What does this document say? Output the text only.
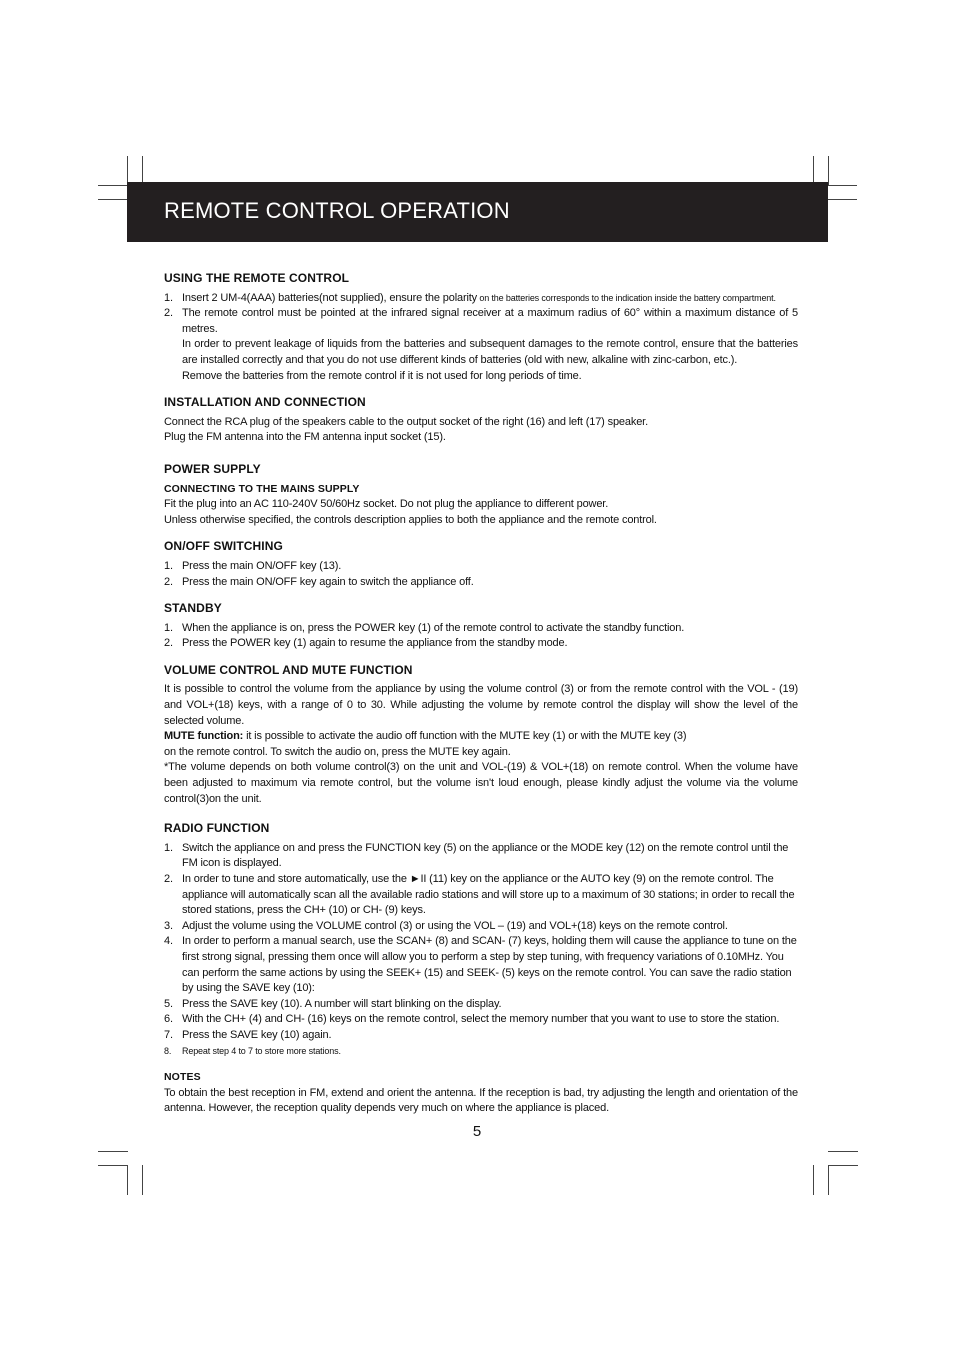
REMOTE CONTROL OPERATION
USING THE REMOTE CONTROL
1. Insert 2 UM-4(AAA) batteries(not supplied), ensure the polarity on the batteries corresponds to the indication inside the battery compartment.
2. The remote control must be pointed at the infrared signal receiver at a maximum radius of 60° within a maximum distance of 5 metres.

In order to prevent leakage of liquids from the batteries and subsequent damages to the remote control, ensure that the batteries are installed correctly and that you do not use different kinds of batteries (old with new, alkaline with zinc-carbon, etc.).

Remove the batteries from the remote control if it is not used for long periods of time.

INSTALLATION AND CONNECTION

Connect the RCA plug of the speakers cable to the output socket of the right (16) and left (17) speaker.

Plug the FM antenna into the FM antenna input socket (15).

POWER SUPPLY
CONNECTING TO THE MAINS SUPPLY

Fit the plug into an AC 110-240V 50/60Hz socket. Do not plug the appliance to different power.

Unless otherwise specified, the controls description applies to both the appliance and the remote control.

ON/OFF SWITCHING
1. Press the main ON/OFF key (13).
2. Press the main ON/OFF key again to switch the appliance off.
STANDBY
1. When the appliance is on, press the POWER key (1) of the remote control to activate the standby function.
2. Press the POWER key (1) again to resume the appliance from the standby mode.
VOLUME CONTROL AND MUTE FUNCTION

It is possible to control the volume from the appliance by using the volume control (3) or from the remote control with the VOL - (19) and VOL+(18) keys, with a range of 0 to 30. While adjusting the volume by remote control the display will show the level of the selected volume.

MUTE function: it is possible to activate the audio off function with the MUTE key (1) or with the MUTE key (3)

on the remote control. To switch the audio on, press the MUTE key again.

*The volume depends on both volume control(3) on the unit and VOL-(19) & VOL+(18) on remote control. When the volume have been adjusted to maximum via remote control, but the volume isn't loud enough, please kindly adjust the volume via the volume control(3)on the unit.

RADIO FUNCTION
1. Switch the appliance on and press the FUNCTION key (5) on the appliance or the MODE key (12) on the remote control until the FM icon is displayed.
2. In order to tune and store automatically, use the ►II (11) key on the appliance or the AUTO key (9) on the remote control. The appliance will automatically scan all the available radio stations and will store up to a maximum of 30 stations; in order to recall the stored stations, press the CH+ (10) or CH- (9) keys.
3. Adjust the volume using the VOLUME control (3) or using the VOL – (19) and VOL+(18) keys on the remote control.
4. In order to perform a manual search, use the SCAN+ (8) and SCAN- (7) keys, holding them will cause the appliance to tune on the first strong signal, pressing them once will allow you to perform a step by step tuning, with frequency variations of 0.10MHz. You can perform the same actions by using the SEEK+ (15) and SEEK- (5) keys on the remote control. You can save the radio station by using the SAVE key (10):
5. Press the SAVE key (10). A number will start blinking on the display.
6. With the CH+ (4) and CH- (16) keys on the remote control, select the memory number that you want to use to store the station.
7. Press the SAVE key (10) again.
8.	Repeat step 4 to 7 to store more stations.
NOTES

To obtain the best reception in FM, extend and orient the antenna. If the reception is bad, try adjusting the length and orientation of the antenna. However, the reception quality depends very much on where the appliance is placed.

5
